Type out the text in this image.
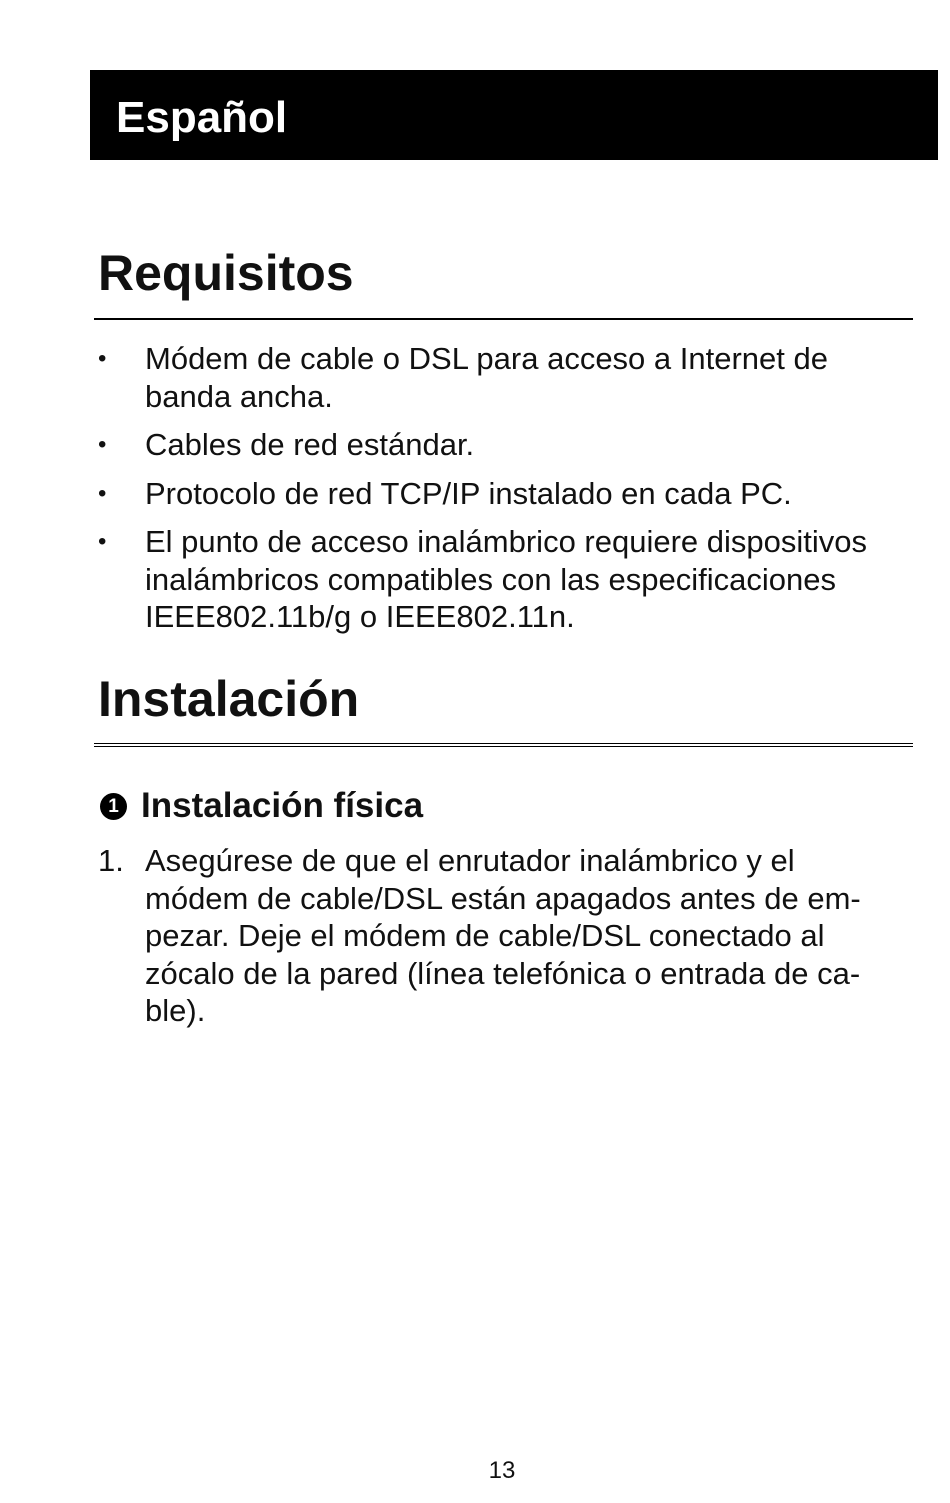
Español
Requisitos
•	Módem de cable o DSL para acceso a Internet de
banda ancha.
•	Cables de red estándar.
•	Protocolo de red TCP/IP instalado en cada PC.
•	El punto de acceso inalámbrico requiere dispositivos
inalámbricos compatibles con las especificaciones
IEEE802.11b/g o IEEE802.11n.
Instalación
1 Instalación física
1. Asegúrese de que el enrutador inalámbrico y el
módem de cable/DSL están apagados antes de em-
pezar. Deje el módem de cable/DSL conectado al
zócalo de la pared (línea telefónica o entrada de ca-
ble).
13
